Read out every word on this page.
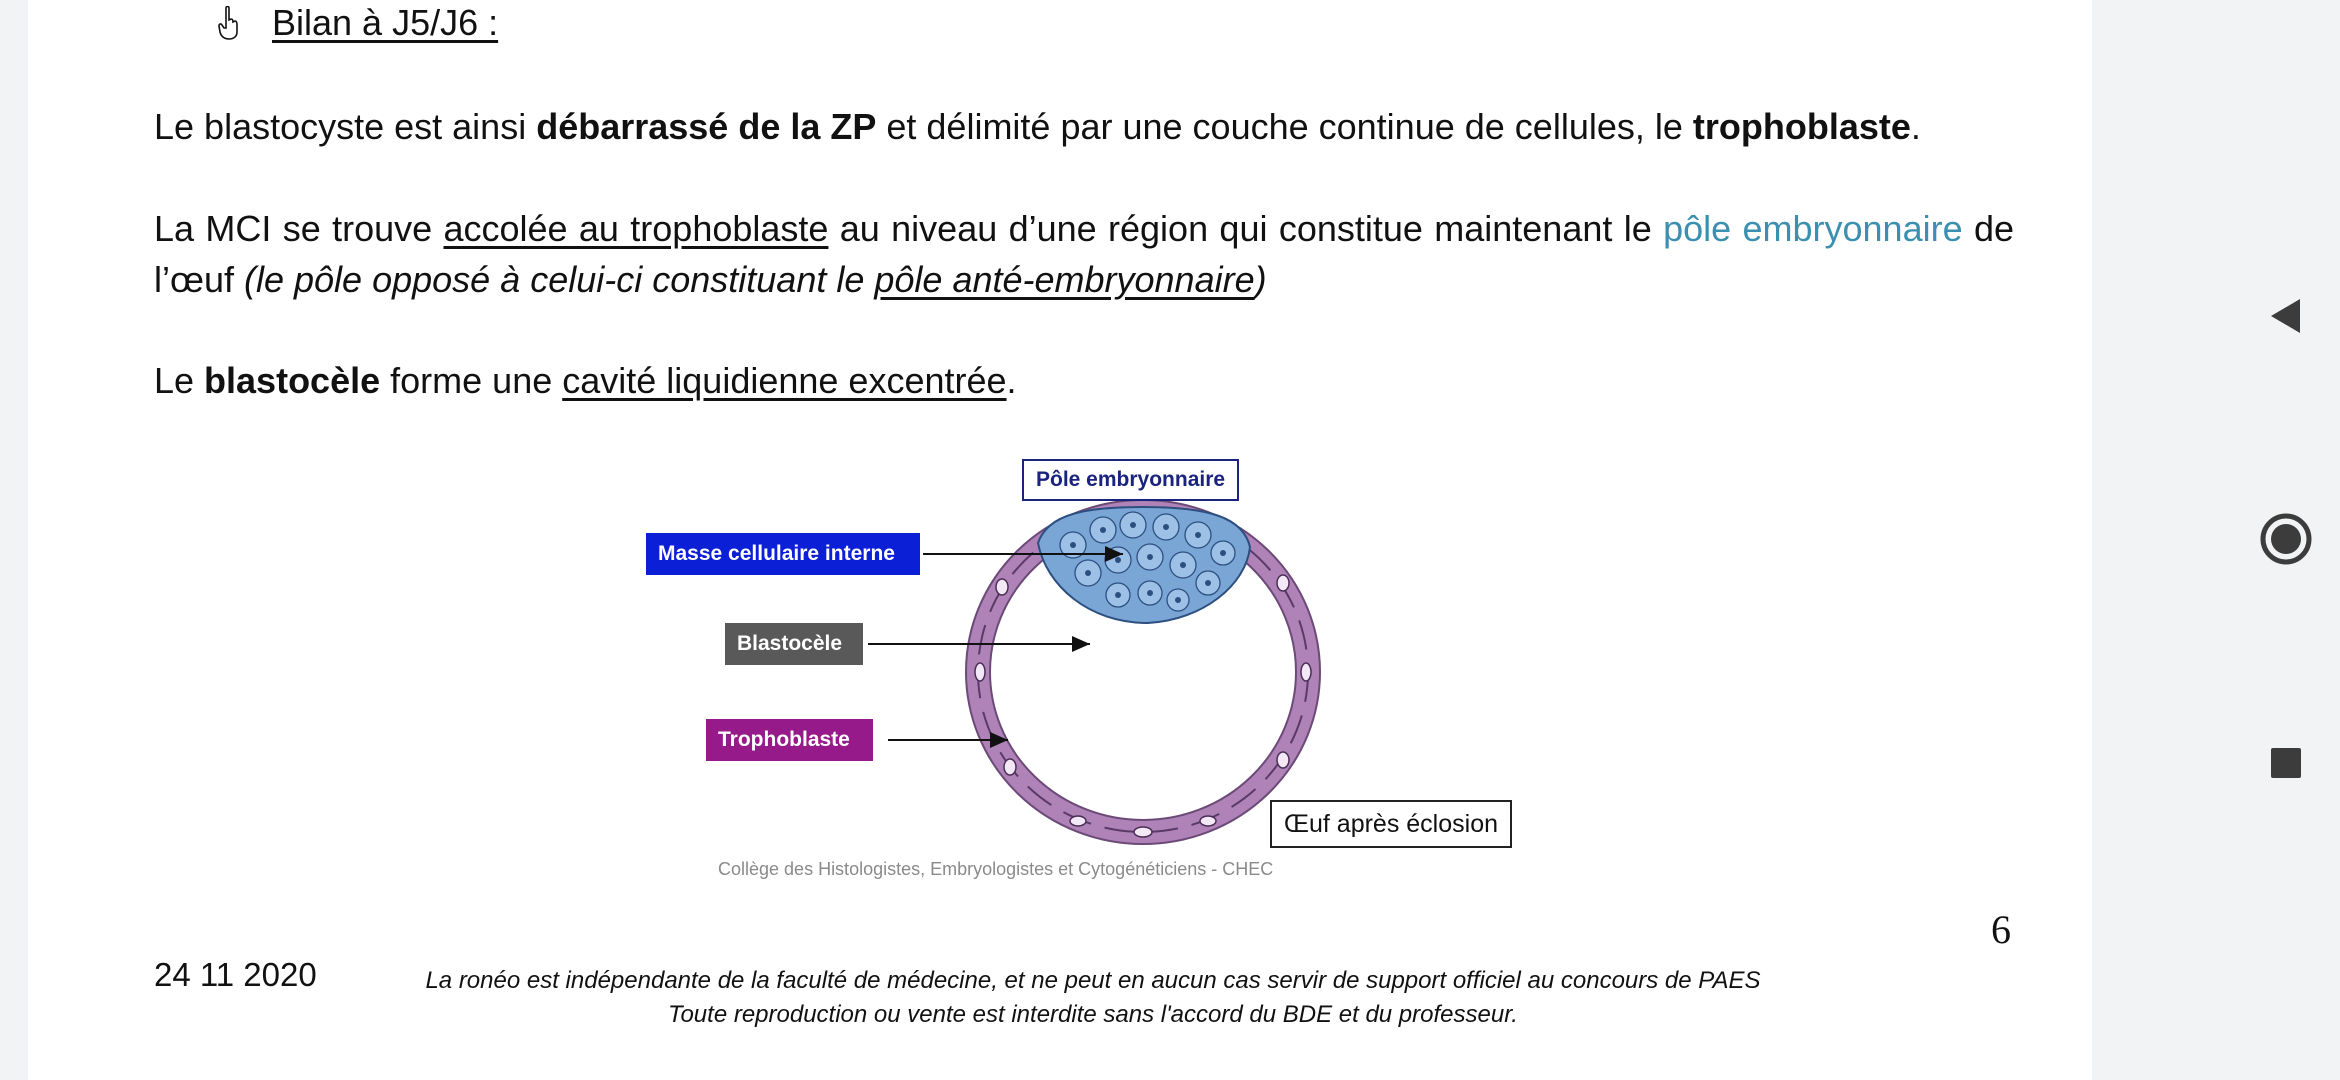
Bilan à J5/J6 :

Le blastocyste est ainsi débarrassé de la ZP et délimité par une couche continue de cellules, le trophoblaste.

La MCI se trouve accolée au trophoblaste au niveau d’une région qui constitue maintenant le pôle embryonnaire de l’œuf (le pôle opposé à celui-ci constituant le pôle anté-embryonnaire)

Le blastocèle forme une cavité liquidienne excentrée.

Pôle embryonnaire
Masse cellulaire interne
Blastocèle
Trophoblaste
Œuf après éclosion
Collège des Histologistes, Embryologistes et Cytogénéticiens - CHEC
6
24 11 2020	La ronéo est indépendante de la faculté de médecine, et ne peut en aucun cas servir de support officiel au concours de PAES
Toute reproduction ou vente est interdite sans l'accord du BDE et du professeur.
